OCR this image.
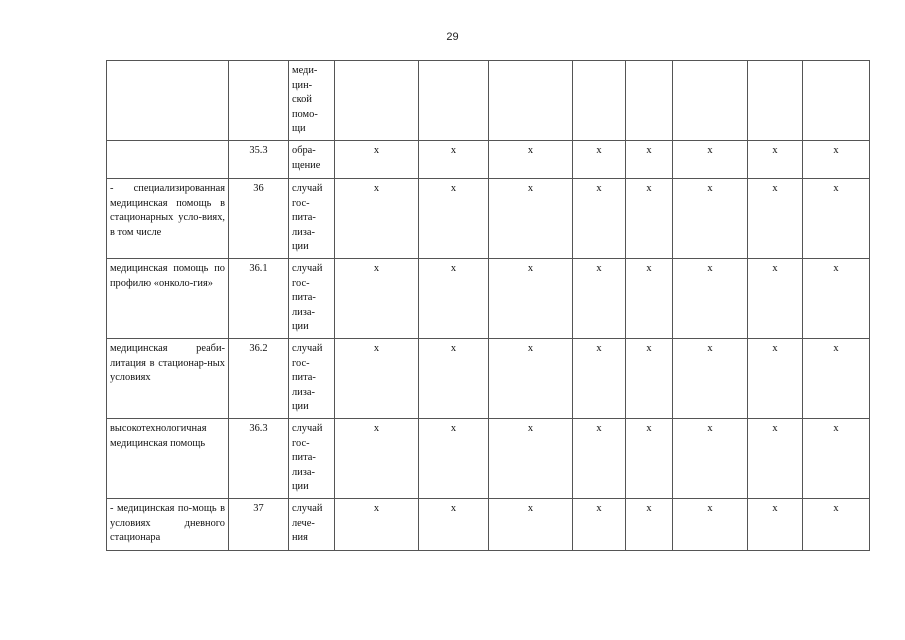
29

		меди-
цин-
ской
помо-
щи								

	35.3	обра-
щение	х	х	х	х	х	х	х	х
- специализированная медицинская помощь в стационарных усло-виях, в том числе	36	случай
гос-
пита-
лиза-
ции	х	х	х	х	х	х	х	х
медицинская помощь по профилю «онколо-гия»	36.1	случай
гос-
пита-
лиза-
ции	х	х	х	х	х	х	х	х
медицинская реаби-литация в стационар-ных условиях	36.2	случай
гос-
пита-
лиза-
ции	х	х	х	х	х	х	х	х
высокотехнологичная медицинская помощь	36.3	случай
гос-
пита-
лиза-
ции	х	х	х	х	х	х	х	х
- медицинская по-мощь в условиях дневного стационара	37	случай
лече-
ния	х	х	х	х	х	х	х	х
